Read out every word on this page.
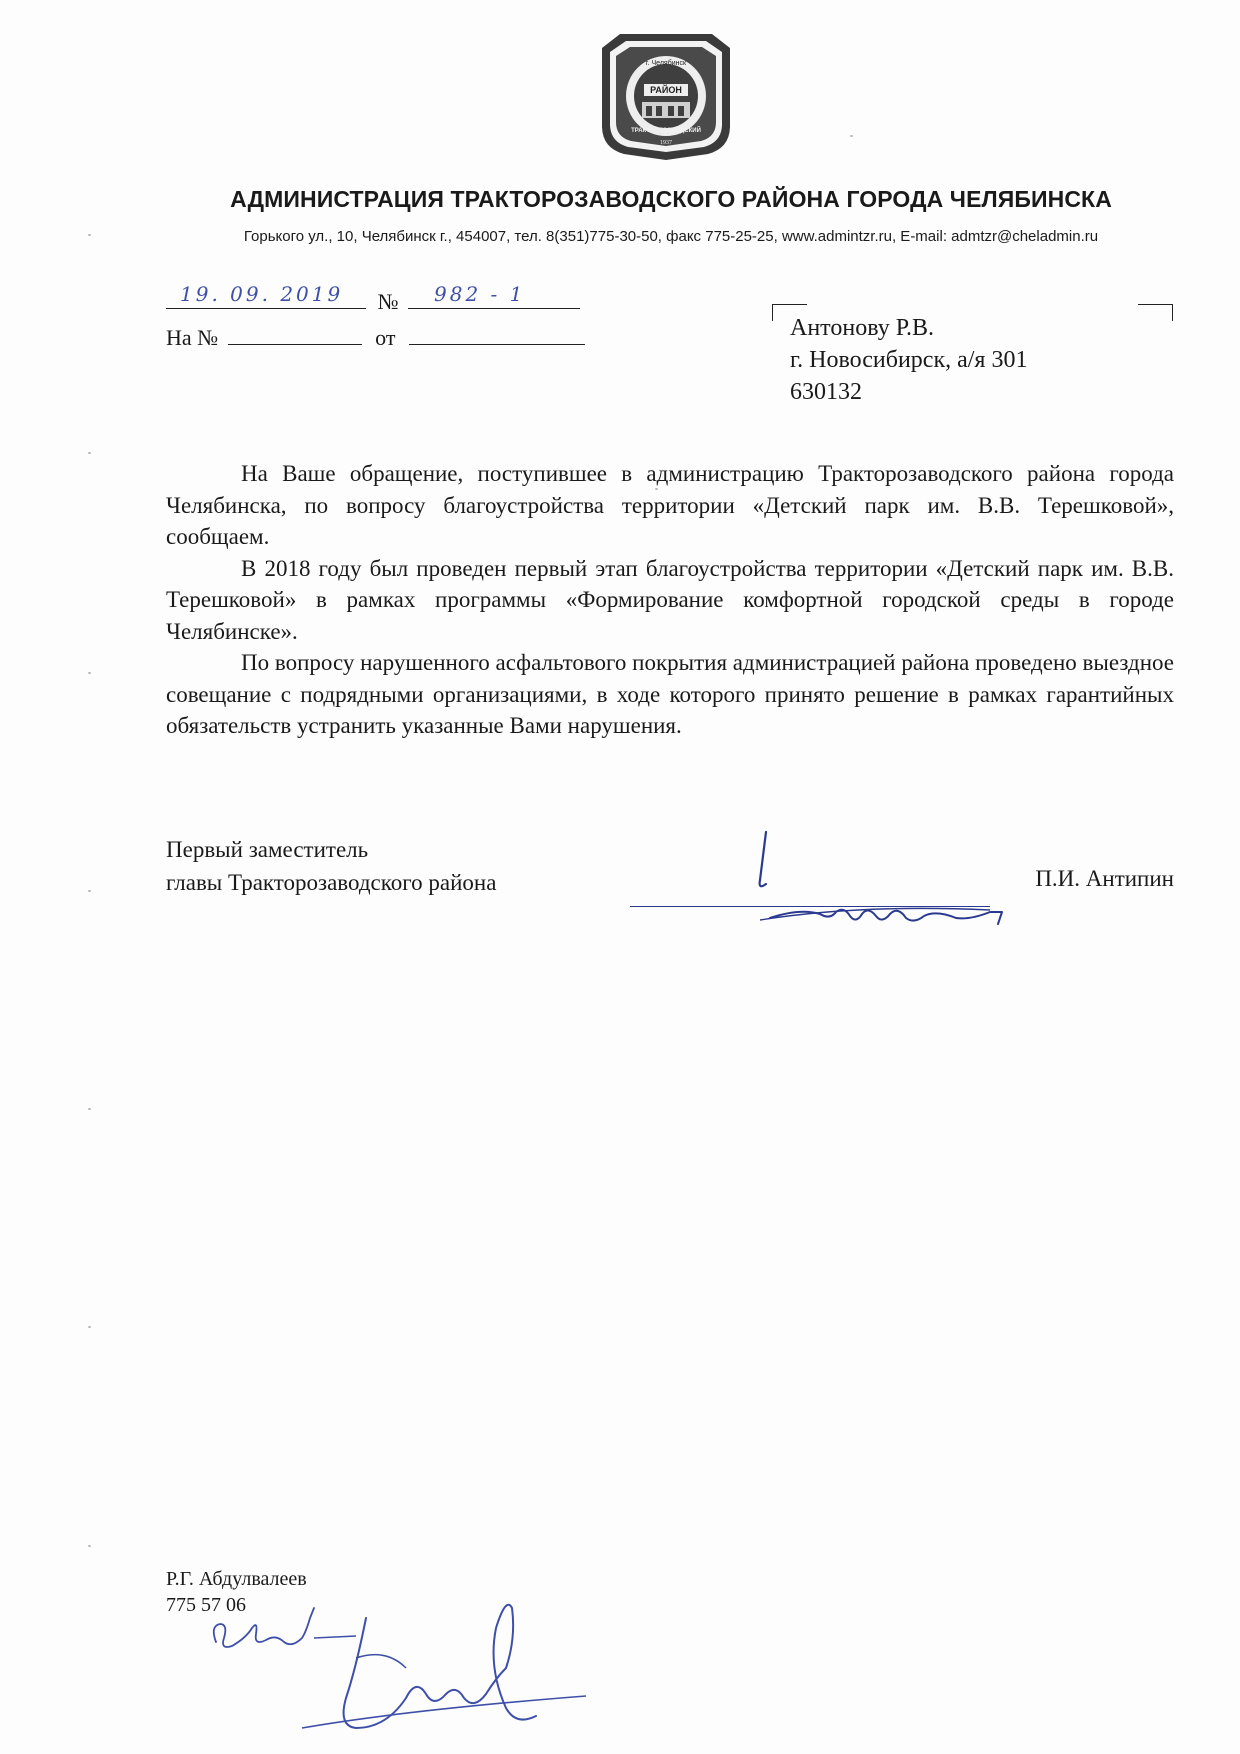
г. Челябинск
РАЙОН
ТРАКТОРОЗАВОДСКИЙ
1937
АДМИНИСТРАЦИЯ ТРАКТОРОЗАВОДСКОГО РАЙОНА ГОРОДА ЧЕЛЯБИНСКА
Горького ул., 10, Челябинск г., 454007, тел. 8(351)775-30-50, факс 775-25-25, www.admintzr.ru, E-mail: admtzr@cheladmin.ru
19. 09. 2019 № 982 - 1
На №	от	Антонову Р.В.
г. Новосибирск, а/я 301
630132

На Ваше обращение, поступившее в администрацию Тракторозаводского района города Челябинска, по вопросу благоустройства территории «Детский парк им. В.В. Терешковой», сообщаем.

В 2018 году был проведен первый этап благоустройства территории «Детский парк им. В.В. Терешковой» в рамках программы «Формирование комфортной городской среды в городе Челябинске».

По вопросу нарушенного асфальтового покрытия администрацией района проведено выездное совещание с подрядными организациями, в ходе которого принято решение в рамках гарантийных обязательств устранить указанные Вами нарушения.

Первый заместитель
главы Тракторозаводского района	П.И. Антипин
Р.Г. Абдулвалеев
775 57 06
